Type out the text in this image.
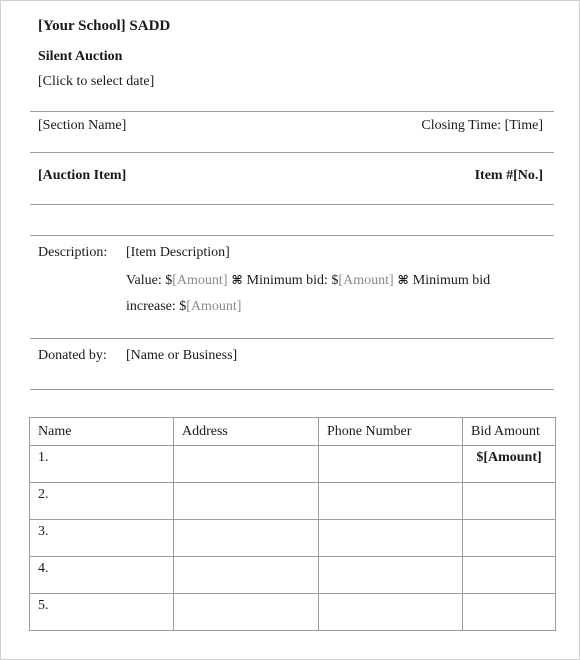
[Your School] SADD
Silent Auction
[Click to select date]
[Section Name]	Closing Time: [Time]
[Auction Item]	Item #[No.]
Description: [Item Description]
Value: $[Amount] ⌘ Minimum bid: $[Amount] ⌘ Minimum bid
increase: $[Amount]
Donated by: [Name or Business]
Name	Address	Phone Number	Bid Amount
1.			$[Amount]
2.			
3.			
4.			
5.			
